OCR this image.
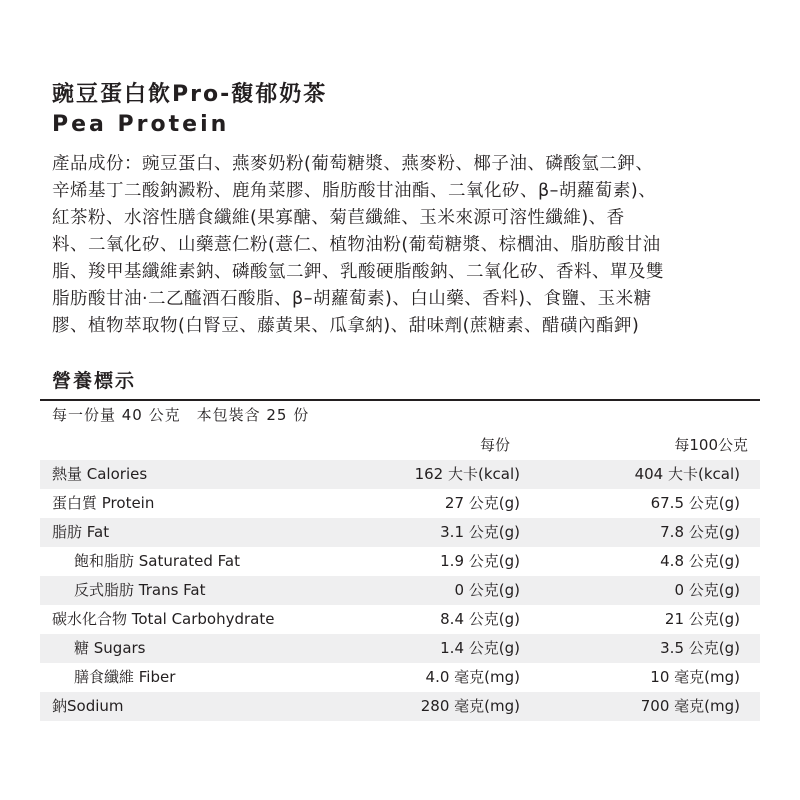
豌豆蛋白飲Pro-馥郁奶茶
Pea Protein
產品成份：豌豆蛋白、燕麥奶粉(葡萄糖漿、燕麥粉、椰子油、磷酸氫二鉀、
辛烯基丁二酸鈉澱粉、鹿角菜膠、脂肪酸甘油酯、二氧化矽、β–胡蘿蔔素)、
紅茶粉、水溶性膳食纖維(果寡醣、菊苣纖維、玉米來源可溶性纖維)、香
料、二氧化矽、山藥薏仁粉(薏仁、植物油粉(葡萄糖漿、棕櫚油、脂肪酸甘油
脂、羧甲基纖維素鈉、磷酸氫二鉀、乳酸硬脂酸鈉、二氧化矽、香料、單及雙
脂肪酸甘油·二乙醯酒石酸脂、β–胡蘿蔔素)、白山藥、香料)、食鹽、玉米糖
膠、植物萃取物(白腎豆、藤黃果、瓜拿納)、甜味劑(蔗糖素、醋磺內酯鉀)
營養標示
每一份量 40 公克　本包裝含 25 份
每份	每100公克
熱量 Calories	162 大卡(kcal)	404 大卡(kcal)
蛋白質 Protein	27 公克(g)	67.5 公克(g)
脂肪 Fat	3.1 公克(g)	7.8 公克(g)
飽和脂肪 Saturated Fat	1.9 公克(g)	4.8 公克(g)
反式脂肪 Trans Fat	0 公克(g)	0 公克(g)
碳水化合物 Total Carbohydrate	8.4 公克(g)	21 公克(g)
糖 Sugars	1.4 公克(g)	3.5 公克(g)
膳食纖維 Fiber	4.0 毫克(mg)	10 毫克(mg)
鈉Sodium	280 毫克(mg)	700 毫克(mg)
